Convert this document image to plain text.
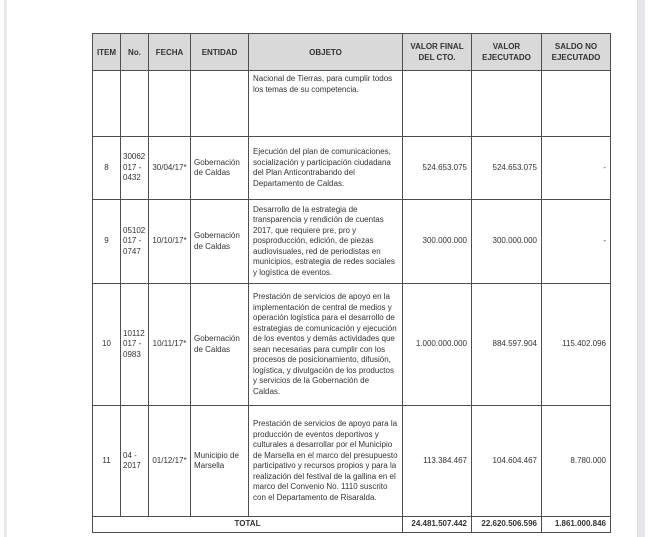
ITEM	No.	FECHA	ENTIDAD	OBJETO	VALOR FINAL DEL CTO.	VALOR EJECUTADO	SALDO NO EJECUTADO
				Nacional de Tierras, para cumplir todos los temas de su competencia.			
8	30062 017 - 0432	30/04/17*	Gobernación de Caldas	Ejecución del plan de comunicaciones, socialización y participación ciudadana del Plan Anticontrabando del Departamento de Caldas.	524.653.075	524.653.075	-
9	05102 017 - 0747	10/10/17*	Gobernación de Caldas	Desarrollo de la estrategia de transparencia y rendición de cuentas 2017, que requiere pre, pro y posproducción, edición, de piezas audiovisuales, red de periodistas en municipios, estrategia de redes sociales y logística de eventos.	300.000.000	300.000.000	-
10	10112 017 - 0983	10/11/17*	Gobernación de Caldas	Prestación de servicios de apoyo en la implementación de central de medios y operación logística para el desarrollo de estrategias de comunicación y ejecución de los eventos y demás actividades que sean necesarias para cumplir con los procesos de posicionamiento, difusión, logística, y divulgación de los productos y servicios de la Gobernación de Caldas.	1.000.000.000	884.597.904	115.402.096
11	04 - 2017	01/12/17*	Municipio de Marsella	Prestación de servicios de apoyo para la producción de eventos deportivos y culturales a desarrollar por el Municipio de Marsella en el marco del presupuesto participativo y recursos propios y para la realización del festival de la gallina en el marco del Convenio No. 1110 suscrito con el Departamento de Risaralda.	113.384.467	104.604.467	8.780.000
TOTAL					24.481.507.442	22.620.506.596	1.861.000.846
